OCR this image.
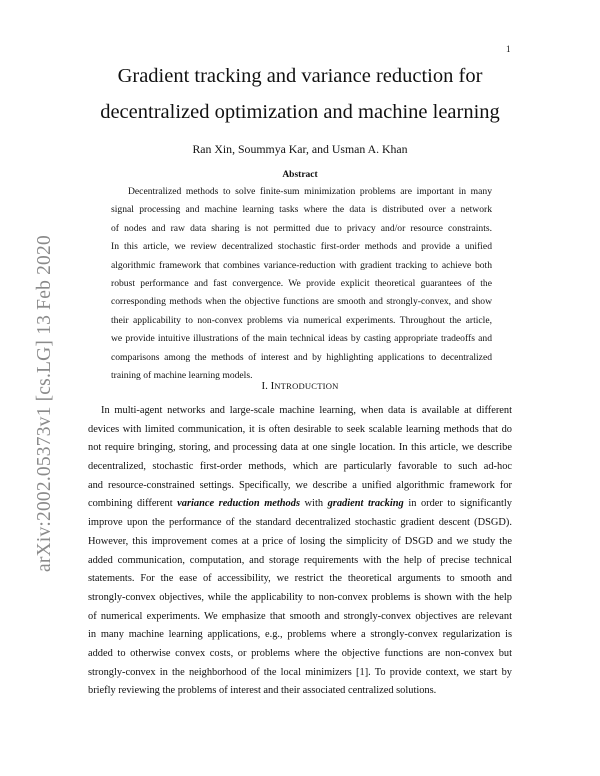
1
arXiv:2002.05373v1 [cs.LG] 13 Feb 2020
Gradient tracking and variance reduction for
decentralized optimization and machine learning
Ran Xin, Soummya Kar, and Usman A. Khan
Abstract
Decentralized methods to solve finite-sum minimization problems are important in many
signal processing and machine learning tasks where the data is distributed over a network
of nodes and raw data sharing is not permitted due to privacy and/or resource constraints.
In this article, we review decentralized stochastic first-order methods and provide a unified
algorithmic framework that combines variance-reduction with gradient tracking to achieve both
robust performance and fast convergence. We provide explicit theoretical guarantees of the
corresponding methods when the objective functions are smooth and strongly-convex, and show
their applicability to non-convex problems via numerical experiments. Throughout the article,
we provide intuitive illustrations of the main technical ideas by casting appropriate tradeoffs and
comparisons among the methods of interest and by highlighting applications to decentralized
training of machine learning models.
I. INTRODUCTION
In multi-agent networks and large-scale machine learning, when data is available at different
devices with limited communication, it is often desirable to seek scalable learning methods that do
not require bringing, storing, and processing data at one single location. In this article, we describe
decentralized, stochastic first-order methods, which are particularly favorable to such ad-hoc
and resource-constrained settings. Specifically, we describe a unified algorithmic framework for
combining different variance reduction methods with gradient tracking in order to significantly
improve upon the performance of the standard decentralized stochastic gradient descent (DSGD).
However, this improvement comes at a price of losing the simplicity of DSGD and we study the
added communication, computation, and storage requirements with the help of precise technical
statements. For the ease of accessibility, we restrict the theoretical arguments to smooth and
strongly-convex objectives, while the applicability to non-convex problems is shown with the help
of numerical experiments. We emphasize that smooth and strongly-convex objectives are relevant
in many machine learning applications, e.g., problems where a strongly-convex regularization is
added to otherwise convex costs, or problems where the objective functions are non-convex but
strongly-convex in the neighborhood of the local minimizers [1]. To provide context, we start by
briefly reviewing the problems of interest and their associated centralized solutions.
